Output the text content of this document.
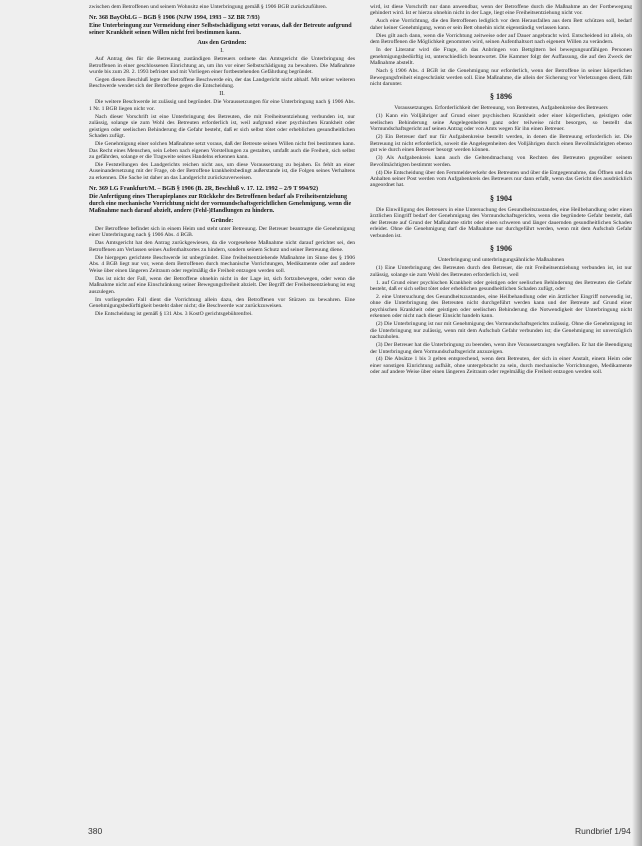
zwischen dem Betroffenen und seinem Wohnsitz eine Unterbringung gemäß § 1906 BGB zurückzuführen.

Nr. 368 BayObLG – BGB § 1906 (NJW 1994, 1993 – 3Z BR 7/93)
Eine Unterbringung zur Vermeidung einer Selbstschädigung setzt voraus, daß der Betreute aufgrund seiner Krankheit seinen Willen nicht frei bestimmen kann.

Aus den Gründen:

I.

Auf Antrag des für die Betreuung zuständigen Betreuers ordnete das Amtsgericht die Unterbringung des Betroffenen in einer geschlossenen Einrichtung an, um ihn vor einer Selbstschädigung zu bewahren. Die Maßnahme wurde bis zum 28. 2. 1993 befristet und mit Vorliegen einer fortbestehenden Gefährdung begründet.

Gegen diesen Beschluß legte der Betroffene Beschwerde ein, der das Landgericht nicht abhalf. Mit seiner weiteren Beschwerde wendet sich der Betroffene gegen die Entscheidung.

II.

Die weitere Beschwerde ist zulässig und begründet. Die Voraussetzungen für eine Unterbringung nach § 1906 Abs. 1 Nr. 1 BGB liegen nicht vor.

Nach dieser Vorschrift ist eine Unterbringung des Betreuten, die mit Freiheitsentziehung verbunden ist, nur zulässig, solange sie zum Wohl des Betreuten erforderlich ist, weil aufgrund einer psychischen Krankheit oder geistigen oder seelischen Behinderung die Gefahr besteht, daß er sich selbst tötet oder erheblichen gesundheitlichen Schaden zufügt.

Die Genehmigung einer solchen Maßnahme setzt voraus, daß der Betreute seinen Willen nicht frei bestimmen kann. Das Recht eines Menschen, sein Leben nach eigenen Vorstellungen zu gestalten, umfaßt auch die Freiheit, sich selbst zu gefährden, solange er die Tragweite seines Handelns erkennen kann.

Die Feststellungen des Landgerichts reichen nicht aus, um diese Voraussetzung zu bejahen. Es fehlt an einer Auseinandersetzung mit der Frage, ob der Betroffene krankheitsbedingt außerstande ist, die Folgen seines Verhaltens zu erkennen. Die Sache ist daher an das Landgericht zurückzuverweisen.

Nr. 369 LG Frankfurt/M. – BGB § 1906 (B. 2R, Beschluß v. 17. 12. 1992 – 2/9 T 994/92)
Die Anfertigung eines Therapieplanes zur Rückkehr des Betroffenen bedarf als Freiheitsentziehung durch eine mechanische Vorrichtung nicht der vormundschaftsgerichtlichen Genehmigung, wenn die Maßnahme nach darauf abzielt, andere (Fehl-)Handlungen zu hindern.

Gründe:

Der Betroffene befindet sich in einem Heim und steht unter Betreuung. Der Betreuer beantragte die Genehmigung einer Unterbringung nach § 1906 Abs. 4 BGB.

Das Amtsgericht hat den Antrag zurückgewiesen, da die vorgesehene Maßnahme nicht darauf gerichtet sei, den Betroffenen am Verlassen seines Aufenthaltsortes zu hindern, sondern seinem Schutz und seiner Betreuung diene.

Die hiergegen gerichtete Beschwerde ist unbegründet. Eine freiheitsentziehende Maßnahme im Sinne des § 1906 Abs. 4 BGB liegt nur vor, wenn dem Betroffenen durch mechanische Vorrichtungen, Medikamente oder auf andere Weise über einen längeren Zeitraum oder regelmäßig die Freiheit entzogen werden soll.

Das ist nicht der Fall, wenn der Betroffene ohnehin nicht in der Lage ist, sich fortzubewegen, oder wenn die Maßnahme nicht auf eine Einschränkung seiner Bewegungsfreiheit abzielt. Der Begriff der Freiheitsentziehung ist eng auszulegen.

Im vorliegenden Fall dient die Vorrichtung allein dazu, den Betroffenen vor Stürzen zu bewahren. Eine Genehmigungsbedürftigkeit besteht daher nicht; die Beschwerde war zurückzuweisen.

Die Entscheidung ist gemäß § 131 Abs. 3 KostO gerichtsgebührenfrei.

wird, ist diese Vorschrift nur dann anwendbar, wenn der Betroffene durch die Maßnahme an der Fortbewegung gehindert wird. Ist er hierzu ohnehin nicht in der Lage, liegt eine Freiheitsentziehung nicht vor.

Auch eine Vorrichtung, die den Betroffenen lediglich vor dem Herausfallen aus dem Bett schützen soll, bedarf daher keiner Genehmigung, wenn er sein Bett ohnehin nicht eigenständig verlassen kann.

Dies gilt auch dann, wenn die Vorrichtung zeitweise oder auf Dauer angebracht wird. Entscheidend ist allein, ob dem Betroffenen die Möglichkeit genommen wird, seinen Aufenthaltsort nach eigenem Willen zu verändern.

In der Literatur wird die Frage, ob das Anbringen von Bettgittern bei bewegungsunfähigen Personen genehmigungsbedürftig ist, unterschiedlich beantwortet. Die Kammer folgt der Auffassung, die auf den Zweck der Maßnahme abstellt.

Nach § 1906 Abs. 4 BGB ist die Genehmigung nur erforderlich, wenn der Betroffene in seiner körperlichen Bewegungsfreiheit eingeschränkt werden soll. Eine Maßnahme, die allein der Sicherung vor Verletzungen dient, fällt nicht darunter.

§ 1896

Voraussetzungen. Erforderlichkeit der Betreuung, von Betreuten, Aufgabenkreise des Betreuers

(1) Kann ein Volljähriger auf Grund einer psychischen Krankheit oder einer körperlichen, geistigen oder seelischen Behinderung seine Angelegenheiten ganz oder teilweise nicht besorgen, so bestellt das Vormundschaftsgericht auf seinen Antrag oder von Amts wegen für ihn einen Betreuer.

(2) Ein Betreuer darf nur für Aufgabenkreise bestellt werden, in denen die Betreuung erforderlich ist. Die Betreuung ist nicht erforderlich, soweit die Angelegenheiten des Volljährigen durch einen Bevollmächtigten ebenso gut wie durch einen Betreuer besorgt werden können.

(3) Als Aufgabenkreis kann auch die Geltendmachung von Rechten des Betreuten gegenüber seinem Bevollmächtigten bestimmt werden.

(4) Die Entscheidung über den Fernmeldeverkehr des Betreuten und über die Entgegennahme, das Öffnen und das Anhalten seiner Post werden vom Aufgabenkreis des Betreuers nur dann erfaßt, wenn das Gericht dies ausdrücklich angeordnet hat.

§ 1904

Die Einwilligung des Betreuers in eine Untersuchung des Gesundheitszustandes, eine Heilbehandlung oder einen ärztlichen Eingriff bedarf der Genehmigung des Vormundschaftsgerichts, wenn die begründete Gefahr besteht, daß der Betreute auf Grund der Maßnahme stirbt oder einen schweren und länger dauernden gesundheitlichen Schaden erleidet. Ohne die Genehmigung darf die Maßnahme nur durchgeführt werden, wenn mit dem Aufschub Gefahr verbunden ist.

§ 1906

Unterbringung und unterbringungsähnliche Maßnahmen

(1) Eine Unterbringung des Betreuten durch den Betreuer, die mit Freiheitsentziehung verbunden ist, ist nur zulässig, solange sie zum Wohl des Betreuten erforderlich ist, weil

1. auf Grund einer psychischen Krankheit oder geistigen oder seelischen Behinderung des Betreuten die Gefahr besteht, daß er sich selbst tötet oder erheblichen gesundheitlichen Schaden zufügt, oder

2. eine Untersuchung des Gesundheitszustandes, eine Heilbehandlung oder ein ärztlicher Eingriff notwendig ist, ohne die Unterbringung des Betreuten nicht durchgeführt werden kann und der Betreute auf Grund einer psychischen Krankheit oder geistigen oder seelischen Behinderung die Notwendigkeit der Unterbringung nicht erkennen oder nicht nach dieser Einsicht handeln kann.

(2) Die Unterbringung ist nur mit Genehmigung des Vormundschaftsgerichts zulässig. Ohne die Genehmigung ist die Unterbringung nur zulässig, wenn mit dem Aufschub Gefahr verbunden ist; die Genehmigung ist unverzüglich nachzuholen.

(3) Der Betreuer hat die Unterbringung zu beenden, wenn ihre Voraussetzungen wegfallen. Er hat die Beendigung der Unterbringung dem Vormundschaftsgericht anzuzeigen.

(4) Die Absätze 1 bis 3 gelten entsprechend, wenn dem Betreuten, der sich in einer Anstalt, einem Heim oder einer sonstigen Einrichtung aufhält, ohne untergebracht zu sein, durch mechanische Vorrichtungen, Medikamente oder auf andere Weise über einen längeren Zeitraum oder regelmäßig die Freiheit entzogen werden soll.

380	Rundbrief 1/94
